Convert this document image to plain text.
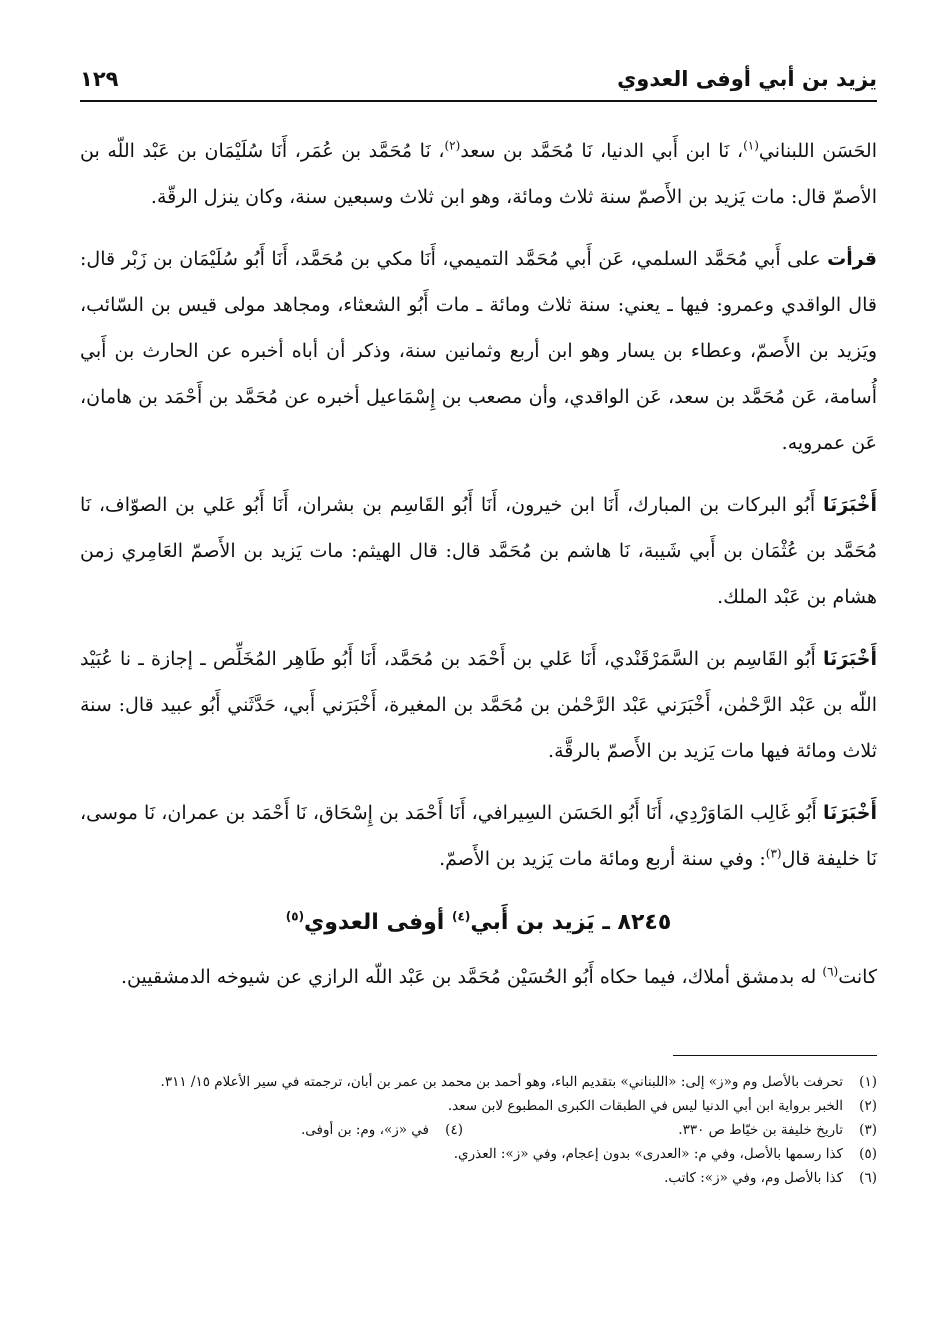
يزيد بن أبي أوفى العدوي
١٢٩

الحَسَن اللبناني$^{(١)}$، نَا ابن أَبي الدنيا، نَا مُحَمَّد بن سعد$^{(٢)}$، نَا مُحَمَّد بن عُمَر، أَنَا سُلَيْمَان بن عَبْد اللّه بن الأصمّ قال: مات يَزيد بن الأَصمّ سنة ثلاث ومائة، وهو ابن ثلاث وسبعين سنة، وكان ينزل الرقّة.

قرأت على أَبي مُحَمَّد السلمي، عَن أَبي مُحَمَّد التميمي، أَنَا مكي بن مُحَمَّد، أَنَا أَبُو سُلَيْمَان بن زَبْر قال: قال الواقدي وعمرو: فيها ـ يعني: سنة ثلاث ومائة ـ مات أَبُو الشعثاء، ومجاهد مولى قيس بن السّائب، ويَزيد بن الأَصمّ، وعطاء بن يسار وهو ابن أربع وثمانين سنة، وذكر أن أباه أخبره عن الحارث بن أَبي أُسامة، عَن مُحَمَّد بن سعد، عَن الواقدي، وأن مصعب بن إِسْمَاعيل أخبره عن مُحَمَّد بن أَحْمَد بن هامان، عَن عمرويه.

أَخْبَرَنَا أَبُو البركات بن المبارك، أَنَا ابن خيرون، أَنَا أَبُو القَاسِم بن بشران، أَنَا أَبُو عَلي بن الصوّاف، نَا مُحَمَّد بن عُثْمَان بن أَبي شَيبة، نَا هاشم بن مُحَمَّد قال: قال الهيثم: مات يَزيد بن الأَصمّ العَامِري زمن هشام بن عَبْد الملك.

أَخْبَرَنَا أَبُو القَاسِم بن السَّمَرْقَنْدي، أَنَا عَلي بن أَحْمَد بن مُحَمَّد، أَنَا أَبُو طَاهِر المُخَلِّص ـ إجازة ـ نا عُبَيْد اللّه بن عَبْد الرَّحْمٰن، أَخْبَرَني عَبْد الرَّحْمٰن بن مُحَمَّد بن المغيرة، أَخْبَرَني أَبي، حَدَّثَني أَبُو عبيد قال: سنة ثلاث ومائة فيها مات يَزيد بن الأَصمّ بالرقَّة.

أَخْبَرَنَا أَبُو غَالِب المَاوَرْدِي، أَنَا أَبُو الحَسَن السِيرافي، أَنَا أَحْمَد بن إِسْحَاق، نَا أَحْمَد بن عمران، نَا موسى، نَا خليفة قال$^{(٣)}$: وفي سنة أربع ومائة مات يَزيد بن الأَصمّ.

٨٢٤٥ ـ يَزيد بن أَبي$^{(٤)}$ أوفى العدوي$^{(٥)}$

كانت$^{(٦)}$ له بدمشق أملاك، فيما حكاه أَبُو الحُسَيْن مُحَمَّد بن عَبْد اللّه الرازي عن شيوخه الدمشقيين.

(١)
تحرفت بالأصل وم و«ز» إلى: «اللبناني» بتقديم الباء، وهو أحمد بن محمد بن عمر بن أبان، ترجمته في سير الأعلام ١٥/ ٣١١.
(٢)
الخبر برواية ابن أبي الدنيا ليس في الطبقات الكبرى المطبوع لابن سعد.
(٣)
تاريخ خليفة بن خيّاط ص ٣٣٠.
(٤)
في «ز»، وم: بن أوفى.
(٥)
كذا رسمها بالأصل، وفي م: «العدرى» بدون إعجام، وفي «ز»: العذري.
(٦)
كذا بالأصل وم، وفي «ز»: كاتب.
